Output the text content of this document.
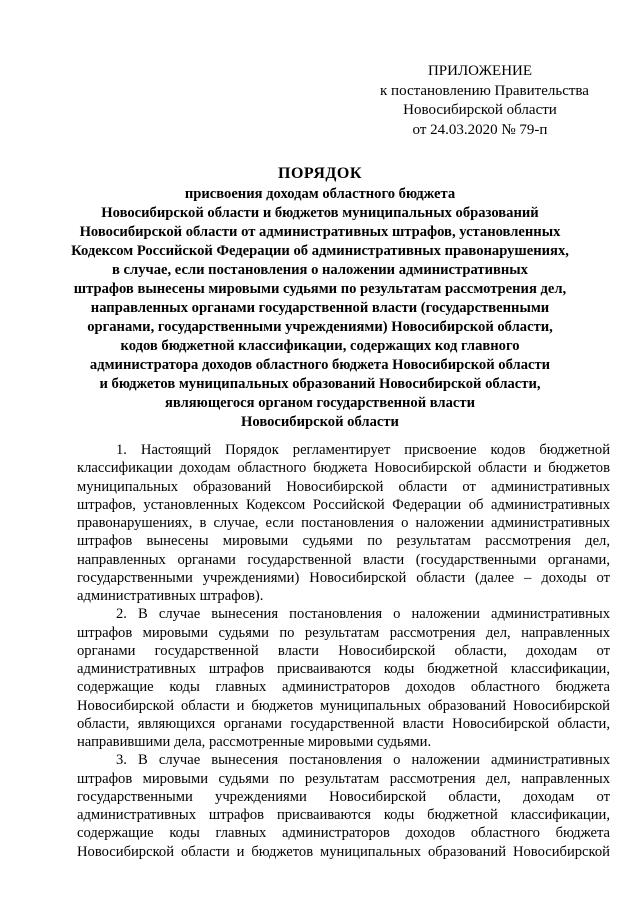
ПРИЛОЖЕНИЕ
к постановлению Правительства
Новосибирской области
от 24.03.2020 № 79-п
ПОРЯДОК
присвоения доходам областного бюджета
Новосибирской области и бюджетов муниципальных образований
Новосибирской области от административных штрафов, установленных
Кодексом Российской Федерации об административных правонарушениях,
в случае, если постановления о наложении административных
штрафов вынесены мировыми судьями по результатам рассмотрения дел,
направленных органами государственной власти (государственными
органами, государственными учреждениями) Новосибирской области,
кодов бюджетной классификации, содержащих код главного
администратора доходов областного бюджета Новосибирской области
и бюджетов муниципальных образований Новосибирской области,
являющегося органом государственной власти
Новосибирской области

1. Настоящий Порядок регламентирует присвоение кодов бюджетной классификации доходам областного бюджета Новосибирской области и бюджетов муниципальных образований Новосибирской области от административных штрафов, установленных Кодексом Российской Федерации об административных правонарушениях, в случае, если постановления о наложении административных штрафов вынесены мировыми судьями по результатам рассмотрения дел, направленных органами государственной власти (государственными органами, государственными учреждениями) Новосибирской области (далее – доходы от административных штрафов).

2. В случае вынесения постановления о наложении административных штрафов мировыми судьями по результатам рассмотрения дел, направленных органами государственной власти Новосибирской области, доходам от административных штрафов присваиваются коды бюджетной классификации, содержащие коды главных администраторов доходов областного бюджета Новосибирской области и бюджетов муниципальных образований Новосибирской области, являющихся органами государственной власти Новосибирской области, направившими дела, рассмотренные мировыми судьями.

3. В случае вынесения постановления о наложении административных штрафов мировыми судьями по результатам рассмотрения дел, направленных государственными учреждениями Новосибирской области, доходам от административных штрафов присваиваются коды бюджетной классификации, содержащие коды главных администраторов доходов областного бюджета Новосибирской области и бюджетов муниципальных образований Новосибирской
